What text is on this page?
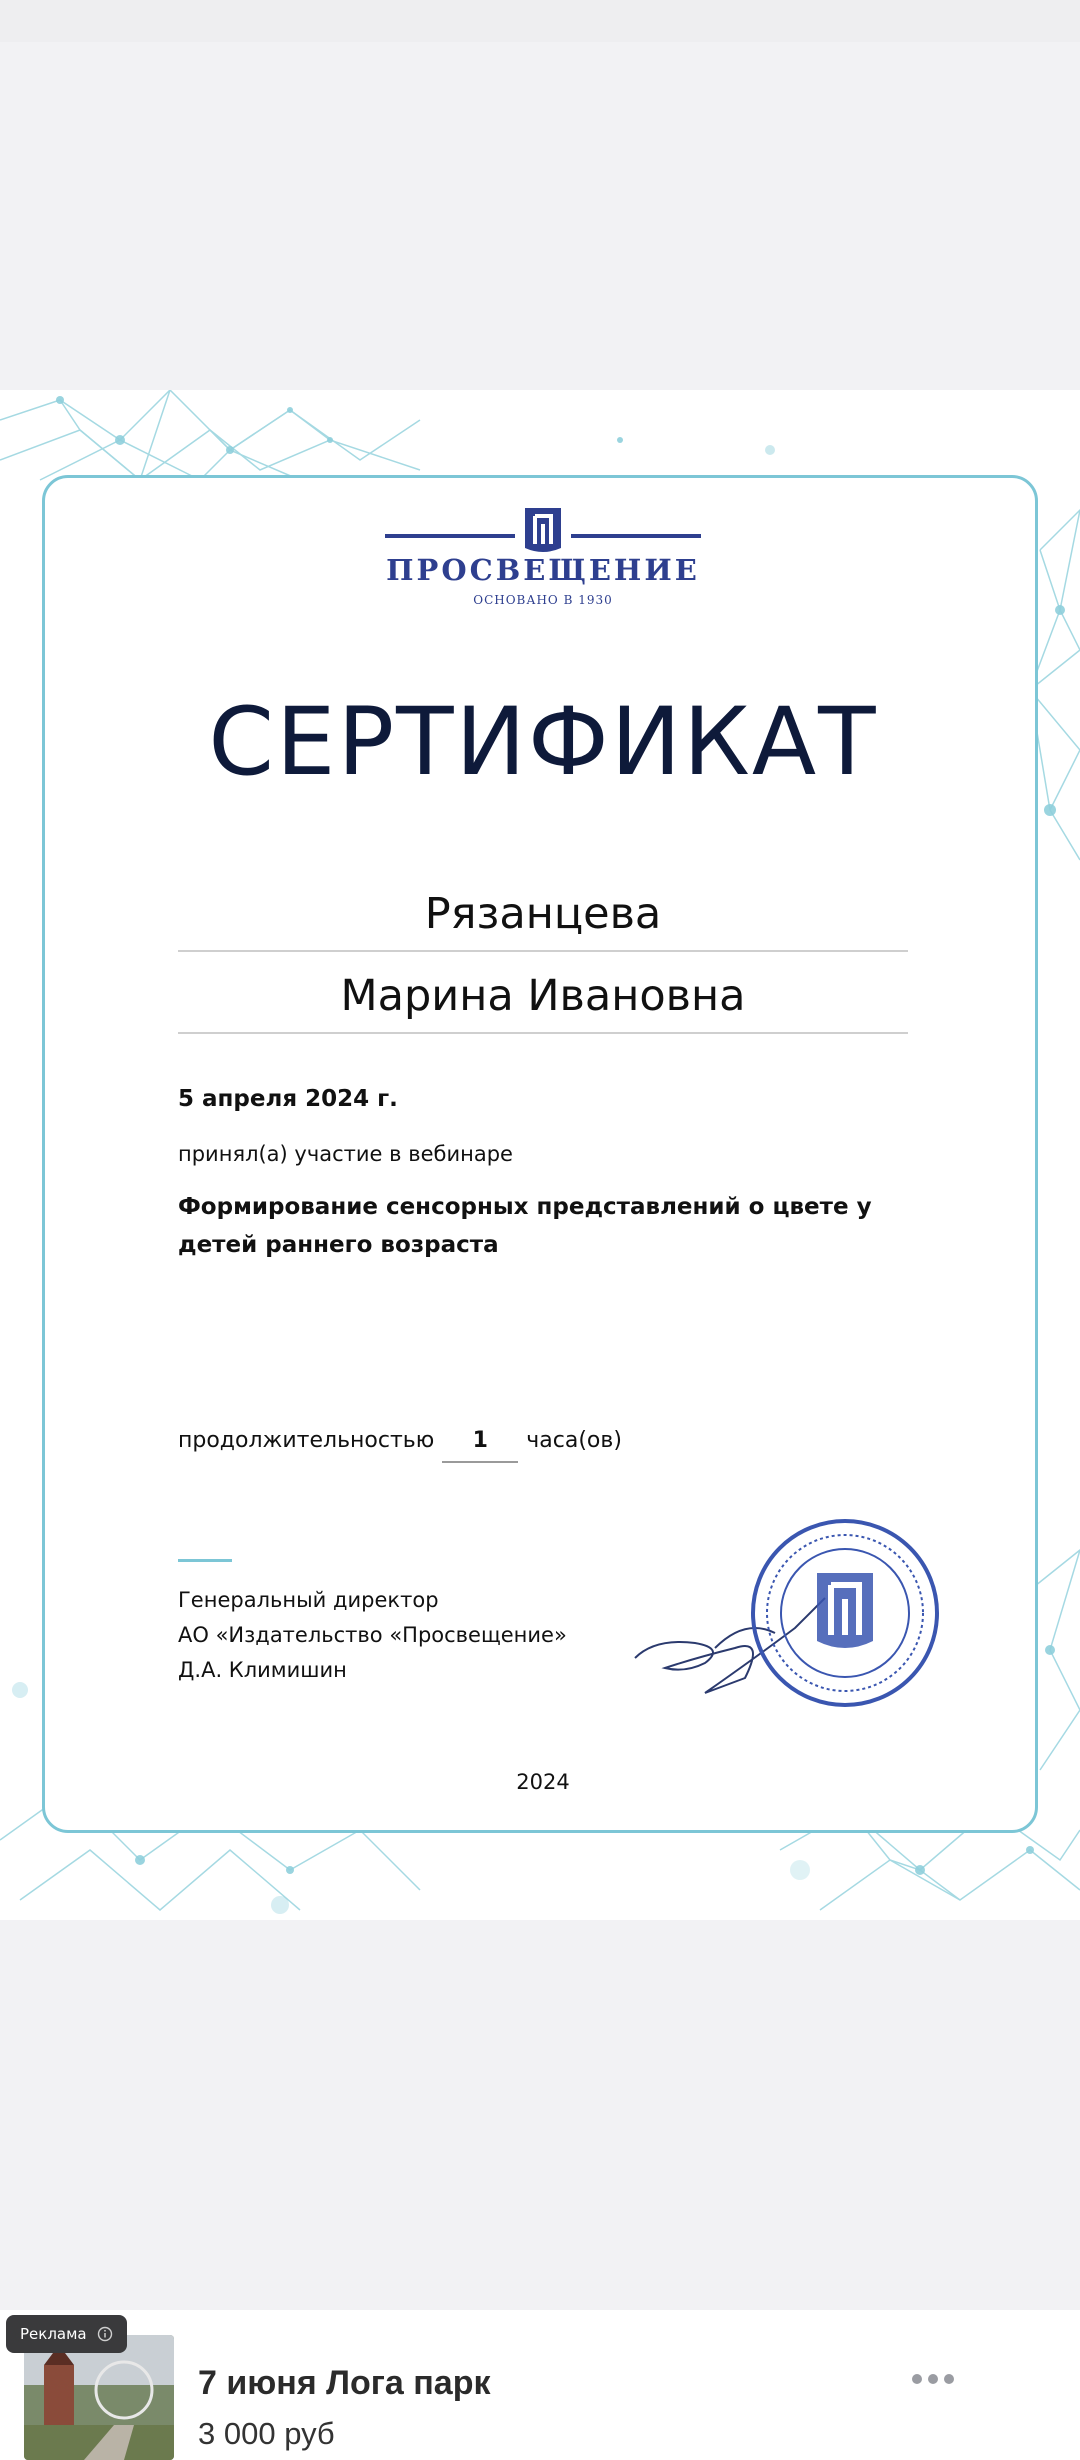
ПРОСВЕЩЕНИЕ
ОСНОВАНО В 1930
СЕРТИФИКАТ
Рязанцева
Марина Ивановна
5 апреля 2024 г.
принял(а) участие в вебинаре
Формирование сенсорных представлений о цвете у детей раннего возраста
продолжительностью	1	часа(ов)
Генеральный директор
АО «Издательство «Просвещение»
Д.А. Климишин
2024
7 июня Лога парк
3 000 руб
Реклама
